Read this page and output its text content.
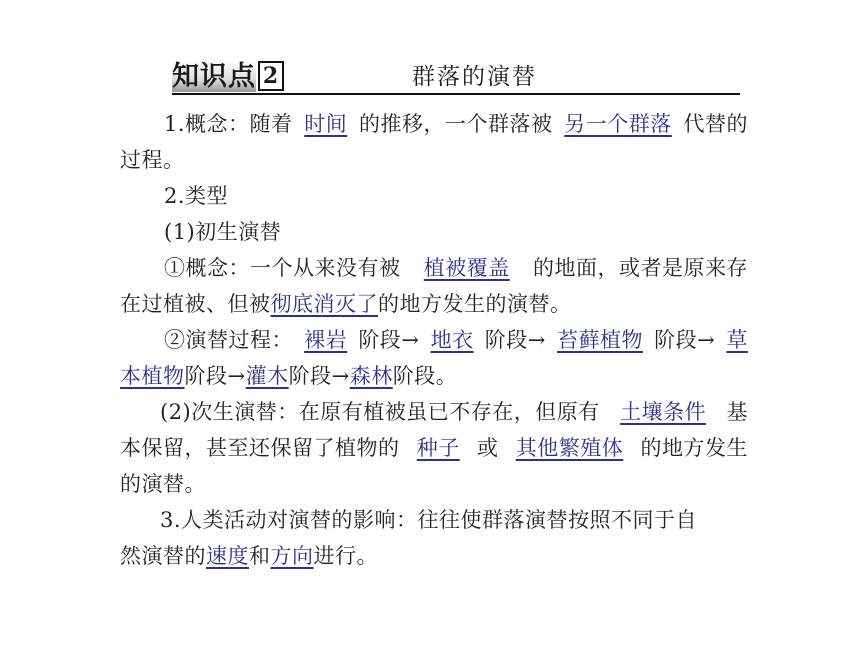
知识点 2	群落的演替
1.概念：随着 时间 的推移，一个群落被 另一个群落 代替的
过程。
2.类型
(1)初生演替
①概念：一个从来没有被 植被覆盖 的地面，或者是原来存
在过植被、但被彻底消灭了的地方发生的演替。
②演替过程： 裸岩 阶段→ 地衣 阶段→ 苔藓植物 阶段→ 草
本植物阶段→灌木阶段→森林阶段。
(2)次生演替：在原有植被虽已不存在，但原有 土壤条件 基
本保留，甚至还保留了植物的 种子 或 其他繁殖体 的地方发生
的演替。
3.人类活动对演替的影响：往往使群落演替按照不同于自
然演替的速度和方向进行。
